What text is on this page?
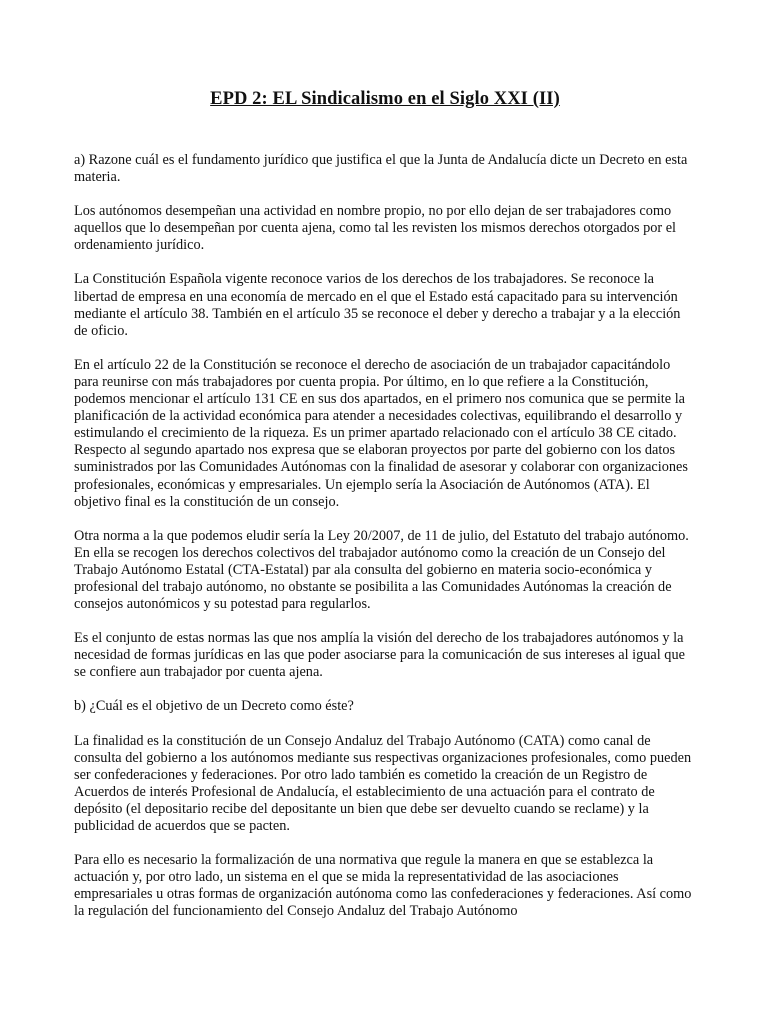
EPD 2: EL Sindicalismo en el Siglo XXI (II)

a) Razone cuál es el fundamento jurídico que justifica el que la Junta de Andalucía dicte un Decreto en esta materia.

Los autónomos desempeñan una actividad en nombre propio, no por ello dejan de ser trabajadores como aquellos que lo desempeñan por cuenta ajena, como tal les revisten los mismos derechos otorgados por el ordenamiento jurídico.

La Constitución Española vigente reconoce varios de los derechos de los trabajadores. Se reconoce la libertad de empresa en una economía de mercado en el que el Estado está capacitado para su intervención mediante el artículo 38. También en el artículo 35 se reconoce el deber y derecho a trabajar y a la elección de oficio.

En el artículo 22 de la Constitución se reconoce el derecho de asociación de un trabajador capacitándolo para reunirse con más trabajadores por cuenta propia. Por último, en lo que refiere a la Constitución, podemos mencionar el artículo 131 CE en sus dos apartados, en el primero nos comunica que se permite la planificación de la actividad económica para atender a necesidades colectivas, equilibrando el desarrollo y estimulando el crecimiento de la riqueza. Es un primer apartado relacionado con el artículo 38 CE citado. Respecto al segundo apartado nos expresa que se elaboran proyectos por parte del gobierno con los datos suministrados por las Comunidades Autónomas con la finalidad de asesorar y colaborar con organizaciones profesionales, económicas y empresariales. Un ejemplo sería la Asociación de Autónomos (ATA). El objetivo final es la constitución de un consejo.

Otra norma a la que podemos eludir sería la Ley 20/2007, de 11 de julio, del Estatuto del trabajo autónomo. En ella se recogen los derechos colectivos del trabajador autónomo como la creación de un Consejo del Trabajo Autónomo Estatal (CTA-Estatal) par ala consulta del gobierno en materia socio-económica y profesional del trabajo autónomo, no obstante se posibilita a las Comunidades Autónomas la creación de consejos autonómicos y su potestad para regularlos.

Es el conjunto de estas normas las que nos amplía la visión del derecho de los trabajadores autónomos y la necesidad de formas jurídicas en las que poder asociarse para la comunicación de sus intereses al igual que se confiere aun trabajador por cuenta ajena.

b) ¿Cuál es el objetivo de un Decreto como éste?

La finalidad es la constitución de un Consejo Andaluz del Trabajo Autónomo (CATA) como canal de consulta del gobierno a los autónomos mediante sus respectivas organizaciones profesionales, como pueden ser confederaciones y federaciones. Por otro lado también es cometido la creación de un Registro de Acuerdos de interés Profesional de Andalucía, el establecimiento de una actuación para el contrato de depósito (el depositario recibe del depositante un bien que debe ser devuelto cuando se reclame) y la publicidad de acuerdos que se pacten.

Para ello es necesario la formalización de una normativa que regule la manera en que se establezca la actuación y, por otro lado, un sistema en el que se mida la representatividad de las asociaciones empresariales u otras formas de organización autónoma como las confederaciones y federaciones. Así como la regulación del funcionamiento del Consejo Andaluz del Trabajo Autónomo
